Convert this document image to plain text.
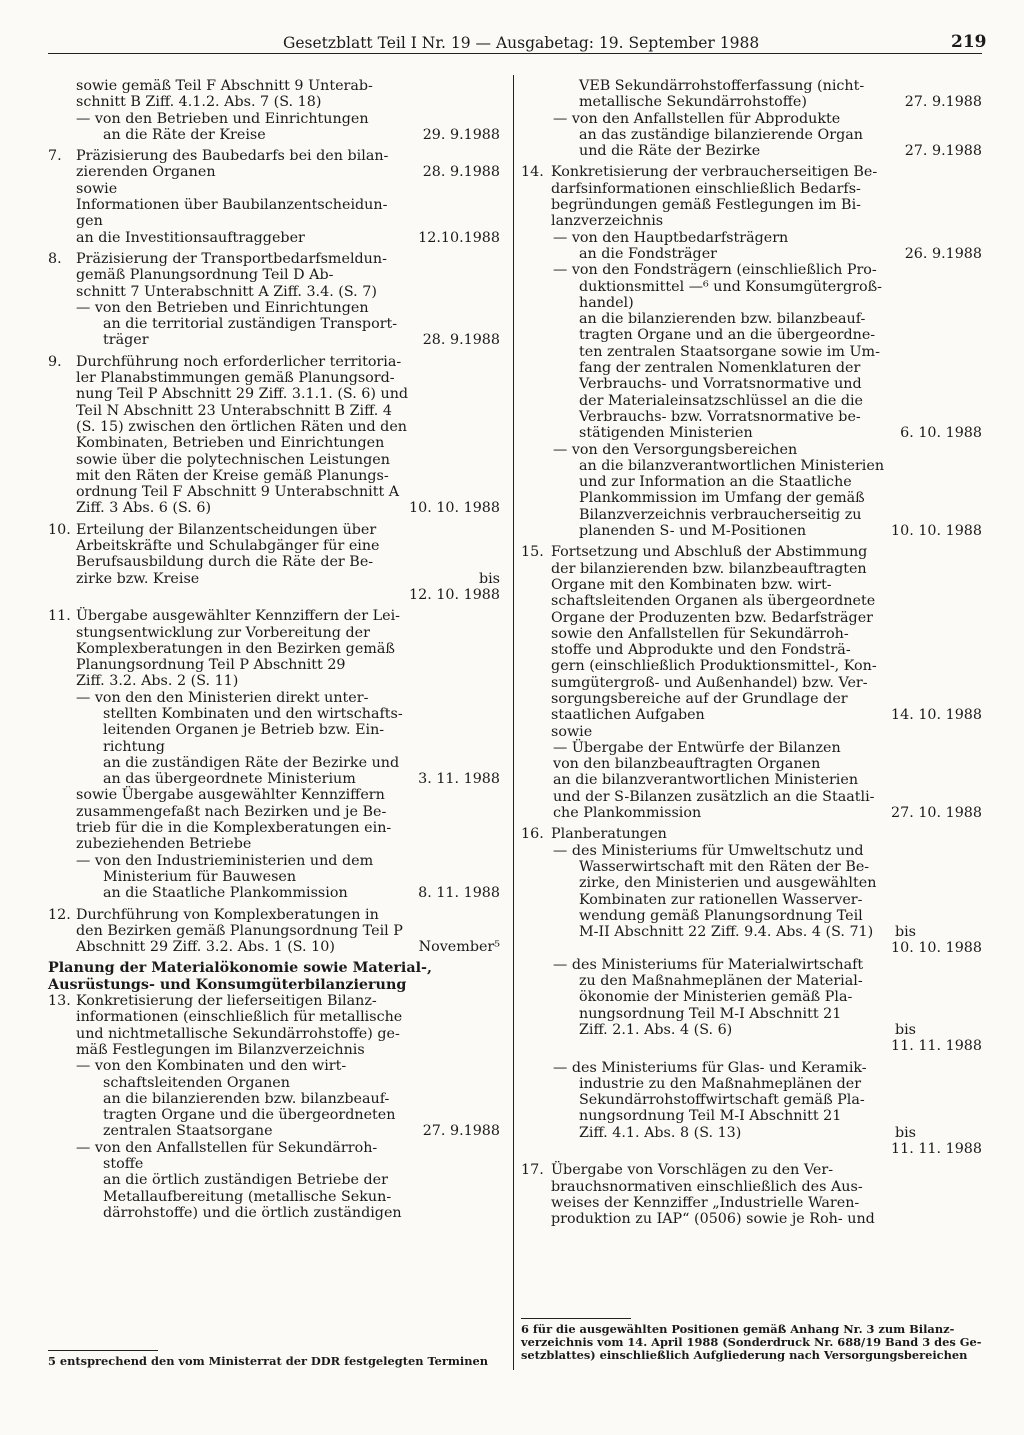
Gesetzblatt Teil I Nr. 19 — Ausgabetag: 19. September 1988	219
sowie gemäß Teil F Abschnitt 9 Unterab-
schnitt B Ziff. 4.1.2. Abs. 7 (S. 18)
— von den Betrieben und Einrichtungen
an die Räte der Kreise	29. 9.1988
7. Präzisierung des Baubedarfs bei den bilan-
zierenden Organen	28. 9.1988
sowie
Informationen über Baubilanzentscheidun-
gen
an die Investitionsauftraggeber	12.10.1988
8. Präzisierung der Transportbedarfsmeldun-
gemäß Planungsordnung Teil D Ab-
schnitt 7 Unterabschnitt A Ziff. 3.4. (S. 7)
— von den Betrieben und Einrichtungen
an die territorial zuständigen Transport-
träger	28. 9.1988
9. Durchführung noch erforderlicher territoria-
ler Planabstimmungen gemäß Planungsord-
nung Teil P Abschnitt 29 Ziff. 3.1.1. (S. 6) und
Teil N Abschnitt 23 Unterabschnitt B Ziff. 4
(S. 15) zwischen den örtlichen Räten und den
Kombinaten, Betrieben und Einrichtungen
sowie über die polytechnischen Leistungen
mit den Räten der Kreise gemäß Planungs-
ordnung Teil F Abschnitt 9 Unterabschnitt A
Ziff. 3 Abs. 6 (S. 6)	10. 10. 1988
10. Erteilung der Bilanzentscheidungen über
Arbeitskräfte und Schulabgänger für eine
Berufsausbildung durch die Räte der Be-
zirke bzw. Kreise	bis
12. 10. 1988
11. Übergabe ausgewählter Kennziffern der Lei-
stungsentwicklung zur Vorbereitung der
Komplexberatungen in den Bezirken gemäß
Planungsordnung Teil P Abschnitt 29
Ziff. 3.2. Abs. 2 (S. 11)
— von den den Ministerien direkt unter-
stellten Kombinaten und den wirtschafts-
leitenden Organen je Betrieb bzw. Ein-
richtung
an die zuständigen Räte der Bezirke und
an das übergeordnete Ministerium	3. 11. 1988
sowie Übergabe ausgewählter Kennziffern
zusammengefaßt nach Bezirken und je Be-
trieb für die in die Komplexberatungen ein-
zubeziehenden Betriebe
— von den Industrieministerien und dem
Ministerium für Bauwesen
an die Staatliche Plankommission	8. 11. 1988
12. Durchführung von Komplexberatungen in
den Bezirken gemäß Planungsordnung Teil P
Abschnitt 29 Ziff. 3.2. Abs. 1 (S. 10)	November⁵
Planung der Materialökonomie sowie Material-,
Ausrüstungs- und Konsumgüterbilanzierung
13. Konkretisierung der lieferseitigen Bilanz-
informationen (einschließlich für metallische
und nichtmetallische Sekundärrohstoffe) ge-
mäß Festlegungen im Bilanzverzeichnis
— von den Kombinaten und den wirt-
schaftsleitenden Organen
an die bilanzierenden bzw. bilanzbeauf-
tragten Organe und die übergeordneten
zentralen Staatsorgane	27. 9.1988
— von den Anfallstellen für Sekundärroh-
stoffe
an die örtlich zuständigen Betriebe der
Metallaufbereitung (metallische Sekun-
därrohstoffe) und die örtlich zuständigen
VEB Sekundärrohstofferfassung (nicht-
metallische Sekundärrohstoffe)	27. 9.1988
— von den Anfallstellen für Abprodukte
an das zuständige bilanzierende Organ
und die Räte der Bezirke	27. 9.1988
14. Konkretisierung der verbraucherseitigen Be-
darfsinformationen einschließlich Bedarfs-
begründungen gemäß Festlegungen im Bi-
lanzverzeichnis
— von den Hauptbedarfsträgern
an die Fondsträger	26. 9.1988
— von den Fondsträgern (einschließlich Pro-
duktionsmittel —⁶ und Konsumgütergroß-
handel)
an die bilanzierenden bzw. bilanzbeauf-
tragten Organe und an die übergeordne-
ten zentralen Staatsorgane sowie im Um-
fang der zentralen Nomenklaturen der
Verbrauchs- und Vorratsnormative und
der Materialeinsatzschlüssel an die die
Verbrauchs- bzw. Vorratsnormative be-
stätigenden Ministerien	6. 10. 1988
— von den Versorgungsbereichen
an die bilanzverantwortlichen Ministerien
und zur Information an die Staatliche
Plankommission im Umfang der gemäß
Bilanzverzeichnis verbraucherseitig zu
planenden S- und M-Positionen	10. 10. 1988
15. Fortsetzung und Abschluß der Abstimmung
der bilanzierenden bzw. bilanzbeauftragten
Organe mit den Kombinaten bzw. wirt-
schaftsleitenden Organen als übergeordnete
Organe der Produzenten bzw. Bedarfsträger
sowie den Anfallstellen für Sekundärroh-
stoffe und Abprodukte und den Fondsträ-
gern (einschließlich Produktionsmittel-, Kon-
sumgütergroß- und Außenhandel) bzw. Ver-
sorgungsbereiche auf der Grundlage der
staatlichen Aufgaben	14. 10. 1988
sowie
— Übergabe der Entwürfe der Bilanzen
von den bilanzbeauftragten Organen
an die bilanzverantwortlichen Ministerien
und der S-Bilanzen zusätzlich an die Staatli-
che Plankommission	27. 10. 1988
16. Planberatungen
— des Ministeriums für Umweltschutz und
Wasserwirtschaft mit den Räten der Be-
zirke, den Ministerien und ausgewählten
Kombinaten zur rationellen Wasserver-
wendung gemäß Planungsordnung Teil
M-II Abschnitt 22 Ziff. 9.4. Abs. 4 (S. 71) bis
10. 10. 1988
— des Ministeriums für Materialwirtschaft
zu den Maßnahmeplänen der Material-
ökonomie der Ministerien gemäß Pla-
nungsordnung Teil M-I Abschnitt 21
Ziff. 2.1. Abs. 4 (S. 6)	bis
11. 11. 1988
— des Ministeriums für Glas- und Keramik-
industrie zu den Maßnahmeplänen der
Sekundärrohstoffwirtschaft gemäß Pla-
nungsordnung Teil M-I Abschnitt 21
Ziff. 4.1. Abs. 8 (S. 13)	bis
11. 11. 1988
17. Übergabe von Vorschlägen zu den Ver-
brauchsnormativen einschließlich des Aus-
weises der Kennziffer „Industrielle Waren-
produktion zu IAP“ (0506) sowie je Roh- und
5 entsprechend den vom Ministerrat der DDR festgelegten Terminen
6 für die ausgewählten Positionen gemäß Anhang Nr. 3 zum Bilanz-
verzeichnis vom 14. April 1988 (Sonderdruck Nr. 688/19 Band 3 des Ge-
setzblattes) einschließlich Aufgliederung nach Versorgungsbereichen
